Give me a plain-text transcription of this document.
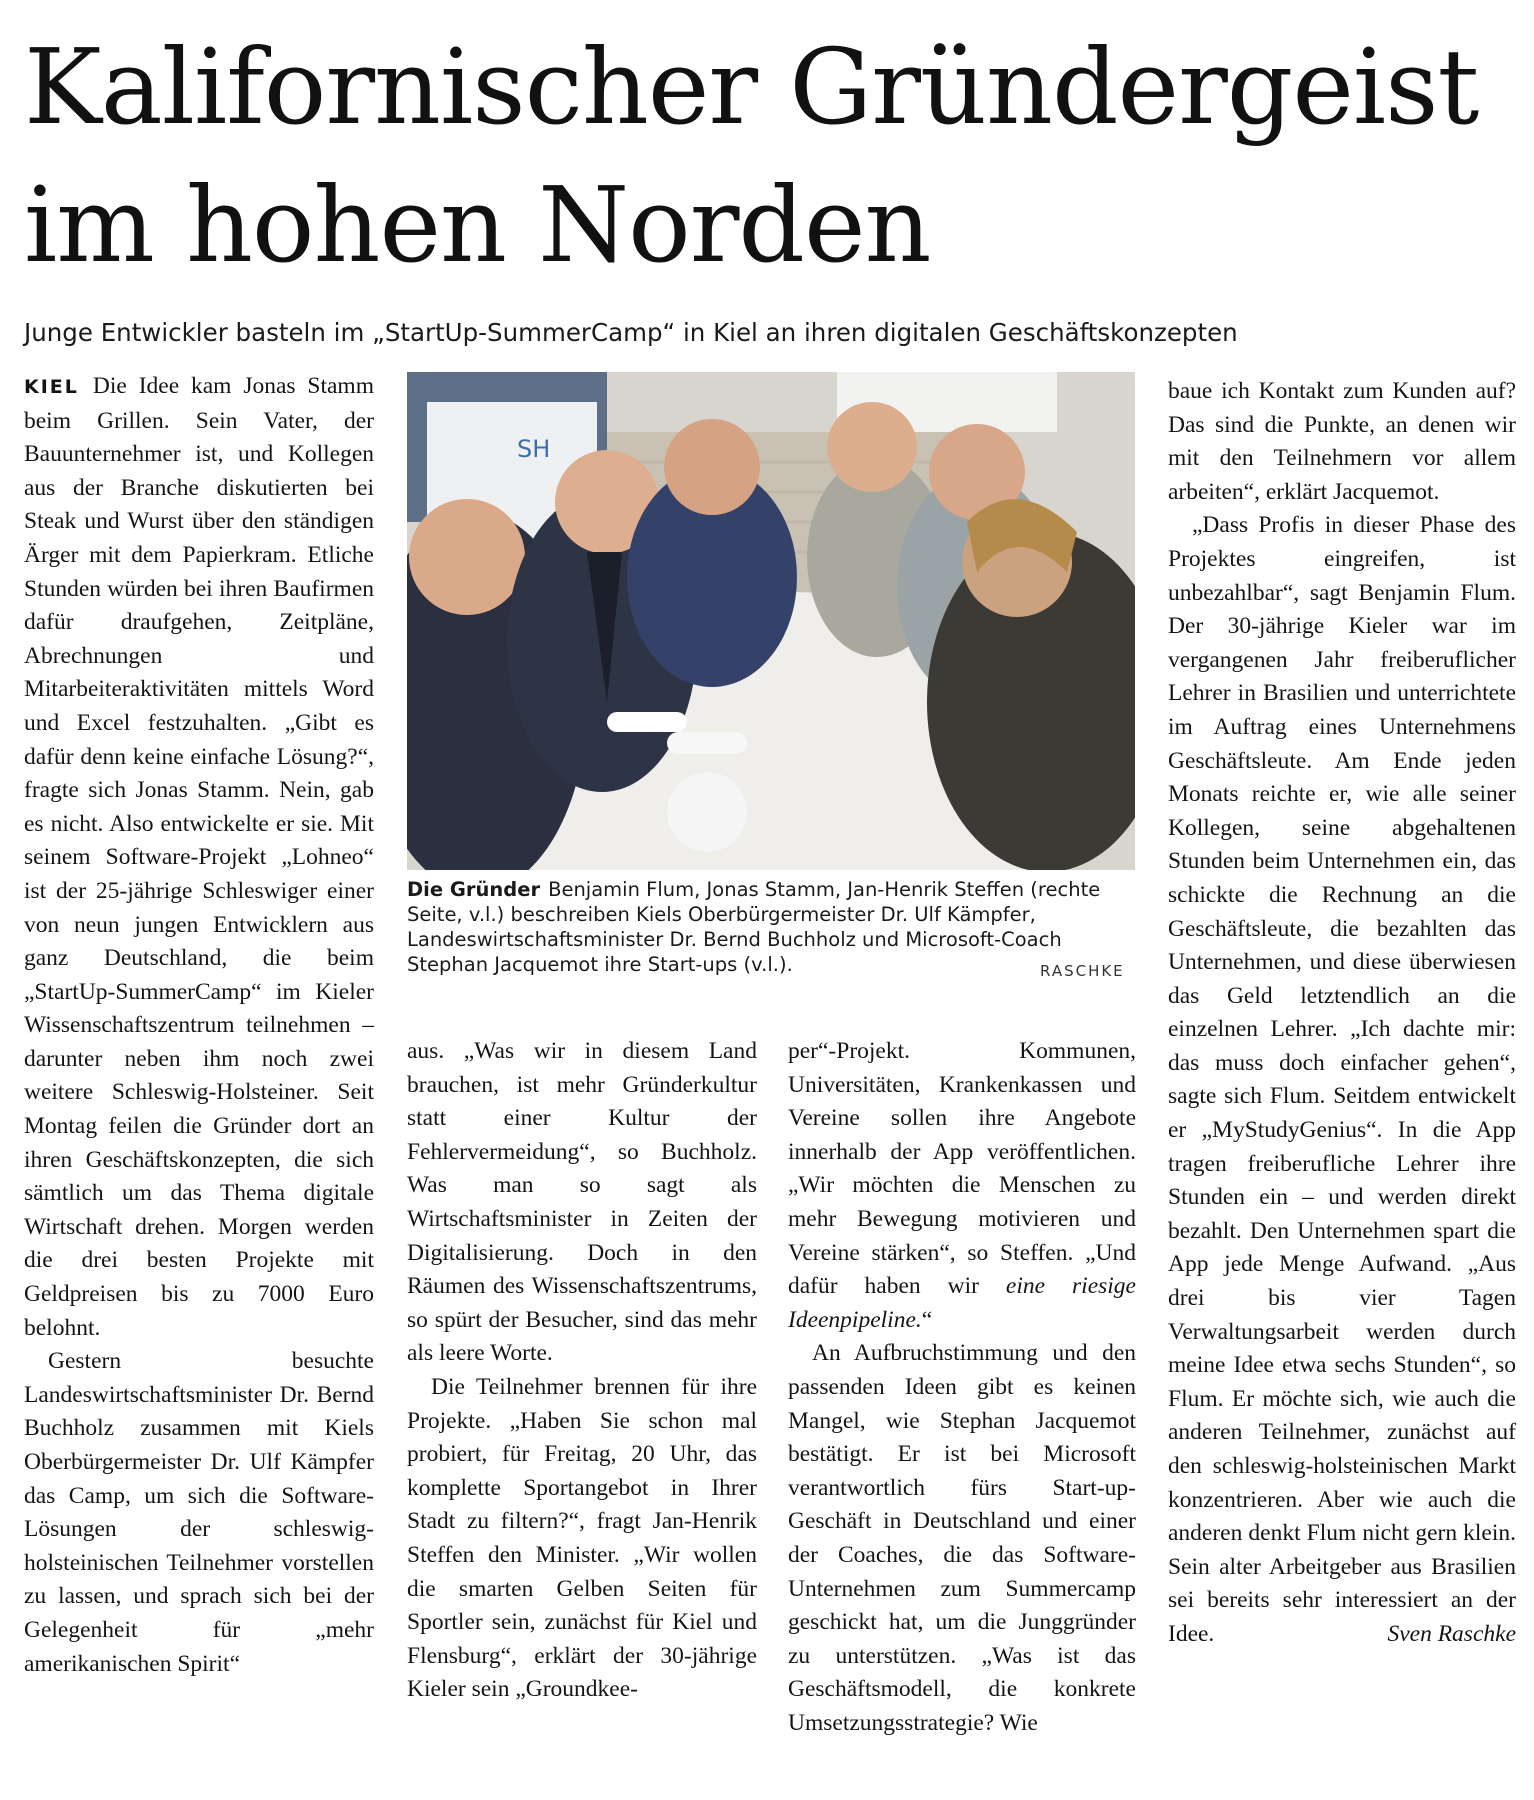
Kalifornischer Gründergeist im hohen Norden
Junge Entwickler basteln im „StartUp-SummerCamp“ in Kiel an ihren digitalen Geschäftskonzepten

KIEL Die Idee kam Jonas Stamm beim Grillen. Sein Vater, der Bauunternehmer ist, und Kollegen aus der Branche diskutierten bei Steak und Wurst über den ständigen Ärger mit dem Papierkram. Etliche Stunden würden bei ihren Baufirmen dafür draufgehen, Zeitpläne, Abrechnungen und Mitarbeiteraktivitäten mittels Word und Excel festzuhalten. „Gibt es dafür denn keine einfache Lösung?“, fragte sich Jonas Stamm. Nein, gab es nicht. Also entwickelte er sie. Mit seinem Software-Projekt „Lohneo“ ist der 25-jährige Schleswiger einer von neun jungen Entwicklern aus ganz Deutschland, die beim „StartUp-SummerCamp“ im Kieler Wissenschaftszentrum teilnehmen – darunter neben ihm noch zwei weitere Schleswig-Holsteiner. Seit Montag feilen die Gründer dort an ihren Geschäftskonzepten, die sich sämtlich um das Thema digitale Wirtschaft drehen. Morgen werden die drei besten Projekte mit Geldpreisen bis zu 7000 Euro belohnt.

Gestern besuchte Landeswirtschaftsminister Dr. Bernd Buchholz zusammen mit Kiels Oberbürgermeister Dr. Ulf Kämpfer das Camp, um sich die Software-Lösungen der schleswig-holsteinischen Teilnehmer vorstellen zu lassen, und sprach sich bei der Gelegenheit für „mehr amerikanischen Spirit“

SH

Die Gründer Benjamin Flum, Jonas Stamm, Jan-Henrik Steffen (rechte Seite, v.l.) beschreiben Kiels Oberbürgermeister Dr. Ulf Kämpfer, Landeswirtschaftsminister Dr. Bernd Buchholz und Microsoft-Coach Stephan Jacquemot ihre Start-ups (v.l.).	RASCHKE

aus. „Was wir in diesem Land brauchen, ist mehr Gründerkultur statt einer Kultur der Fehlervermeidung“, so Buchholz. Was man so sagt als Wirtschaftsminister in Zeiten der Digitalisierung. Doch in den Räumen des Wissenschaftszentrums, so spürt der Besucher, sind das mehr als leere Worte.

Die Teilnehmer brennen für ihre Projekte. „Haben Sie schon mal probiert, für Freitag, 20 Uhr, das komplette Sportangebot in Ihrer Stadt zu filtern?“, fragt Jan-Henrik Steffen den Minister. „Wir wollen die smarten Gelben Seiten für Sportler sein, zunächst für Kiel und Flensburg“, erklärt der 30-jährige Kieler sein „Groundkee-

per“-Projekt. Kommunen, Universitäten, Krankenkassen und Vereine sollen ihre Angebote innerhalb der App veröffentlichen. „Wir möchten die Menschen zu mehr Bewegung motivieren und Vereine stärken“, so Steffen. „Und dafür haben wir eine riesige Ideenpipeline.“

An Aufbruchstimmung und den passenden Ideen gibt es keinen Mangel, wie Stephan Jacquemot bestätigt. Er ist bei Microsoft verantwortlich fürs Start-up-Geschäft in Deutschland und einer der Coaches, die das Software-Unternehmen zum Summercamp geschickt hat, um die Junggründer zu unterstützen. „Was ist das Geschäftsmodell, die konkrete Umsetzungsstrategie? Wie

baue ich Kontakt zum Kunden auf? Das sind die Punkte, an denen wir mit den Teilnehmern vor allem arbeiten“, erklärt Jacquemot.

„Dass Profis in dieser Phase des Projektes eingreifen, ist unbezahlbar“, sagt Benjamin Flum. Der 30-jährige Kieler war im vergangenen Jahr freiberuflicher Lehrer in Brasilien und unterrichtete im Auftrag eines Unternehmens Geschäftsleute. Am Ende jeden Monats reichte er, wie alle seiner Kollegen, seine abgehaltenen Stunden beim Unternehmen ein, das schickte die Rechnung an die Geschäftsleute, die bezahlten das Unternehmen, und diese überwiesen das Geld letztendlich an die einzelnen Lehrer. „Ich dachte mir: das muss doch einfacher gehen“, sagte sich Flum. Seitdem entwickelt er „MyStudyGenius“. In die App tragen freiberufliche Lehrer ihre Stunden ein – und werden direkt bezahlt. Den Unternehmen spart die App jede Menge Aufwand. „Aus drei bis vier Tagen Verwaltungsarbeit werden durch meine Idee etwa sechs Stunden“, so Flum. Er möchte sich, wie auch die anderen Teilnehmer, zunächst auf den schleswig-holsteinischen Markt konzentrieren. Aber wie auch die anderen denkt Flum nicht gern klein. Sein alter Arbeitgeber aus Brasilien sei bereits sehr interessiert an der Idee.	Sven Raschke
